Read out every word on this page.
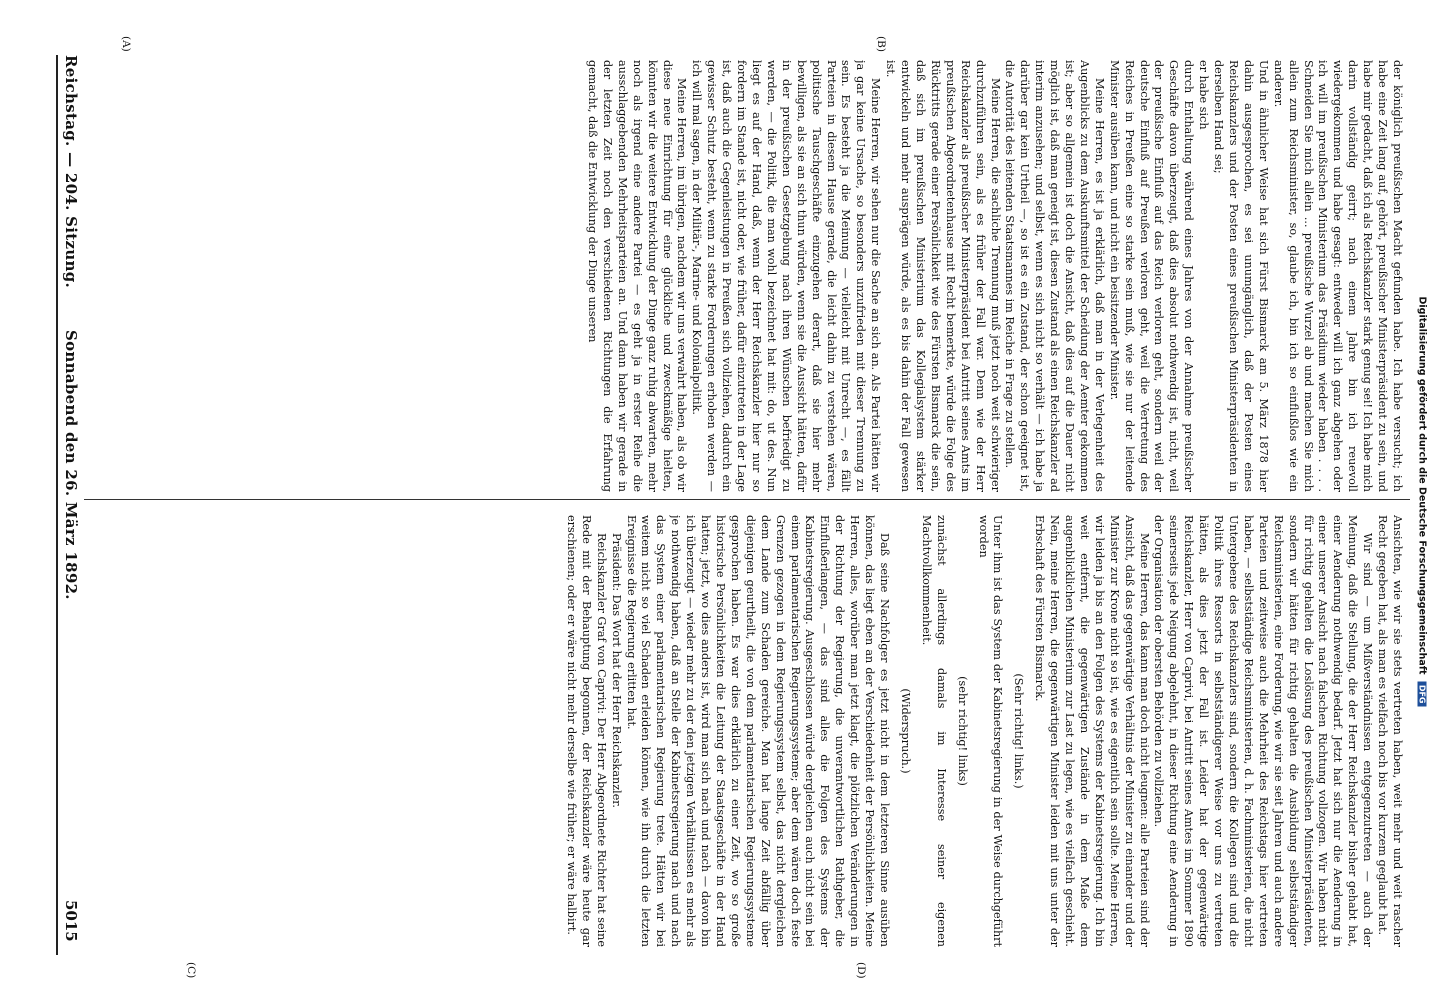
Reichstag. — 204. Sitzung.
Sonnabend den 26. März 1892.
5015
(A)	(B)
(C)	(D)

der königlich preußischen Macht gefunden habe. Ich habe versucht; ich habe eine Zeit lang auf, gehört, preußischer Ministerpräsident zu sein, und habe mir gedacht, daß ich als Reichskanzler stark genug sei! Ich habe mich darin vollständig geirrt; nach einem Jahre bin ich reuevoll wiedergekommen und habe gesagt: entweder will ich ganz abgehen oder ich will im preußischen Ministerium das Präsidium wieder haben . . . . Schneiden Sie mich allein ... preußische Wurzel ab und machen Sie mich allein zum Reichsminister, so, glaube ich, bin ich so einflußlos wie ein anderer.

Und in ähnlicher Weise hat sich Fürst Bismarck am 5. März 1878 hier dahin ausgesprochen, es sei unumgänglich, daß der Posten eines Reichskanzlers und der Posten eines preußischen Ministerpräsidenten in derselben Hand sei;

er habe sich

durch Enthaltung während eines Jahres von der Annahme preußischer Geschäfte davon überzeugt, daß dies absolut nothwendig ist, nicht, weil der preußische Einfluß auf das Reich verloren geht, sondern weil der deutsche Einfluß auf Preußen verloren geht, weil die Vertretung des Reiches in Preußen eine so starke sein muß, wie sie nur der leitende Minister ausüben kann, und nicht ein beisitzender Minister.

Meine Herren, es ist ja erklärlich, daß man in der Verlegenheit des Augenblicks zu dem Auskunftsmittel der Scheidung der Aemter gekommen ist; aber so allgemein ist doch die Ansicht, daß dies auf die Dauer nicht möglich ist, daß man geneigt ist, diesen Zustand als einen Reichskanzler ad interim anzusehen; und selbst, wenn es sich nicht so verhält — ich habe ja darüber gar kein Urtheil —, so ist es ein Zustand, der schon geeignet ist, die Autorität des leitenden Staatsmannes im Reiche in Frage zu stellen.

Meine Herren, die sachliche Trennung muß jetzt noch weit schwieriger durchzuführen sein, als es früher der Fall war. Denn wie der Herr Reichskanzler als preußischer Ministerpräsident bei Antritt seines Amts im preußischen Abgeordnetenhause mit Recht bemerkte, würde die Folge des Rücktritts gerade einer Persönlichkeit wie des Fürsten Bismarck die sein, daß sich im preußischen Ministerium das Kollegialsystem stärker entwickeln und mehr ausprägen würde, als es bis dahin der Fall gewesen ist.

Meine Herren, wir sehen nur die Sache an sich an. Als Partei hätten wir ja gar keine Ursache, so besonders unzufrieden mit dieser Trennung zu sein. Es besteht ja die Meinung — vielleicht mit Unrecht —, es fällt Parteien in diesem Hause gerade, die leicht dahin zu verstehen wären, politische Tauschgeschäfte einzugehen derart, daß sie hier mehr bewilligen, als sie an sich thun würden, wenn sie die Aussicht hätten, dafür in der preußischen Gesetzgebung nach ihren Wünschen befriedigt zu werden, — die Politik, die man wohl bezeichnet hat mit: do, ut des. Nun liegt es auf der Hand, daß, wenn der Herr Reichskanzler hier nur so fordern im Stande ist, nicht oder, wie früher, dafür einzutreten in der Lage ist, daß auch die Gegenleistungen in Preußen sich vollziehen, dadurch ein gewisser Schutz besteht, wenn zu starke Forderungen erhoben werden — ich will mal sagen, in der Militär-, Marine- und Kolonialpolitik.

Meine Herren, im übrigen, nachdem wir uns verwahrt haben, als ob wir diese neue Einrichtung für eine glückliche und zweckmäßige hielten, könnten wir die weitere Entwicklung der Dinge ganz ruhig abwarten, mehr noch als irgend eine andere Partei — es geht ja in erster Reihe die ausschlaggebenden Mehrheitsparteien an. Und dann haben wir gerade in der letzten Zeit noch den verschiedenen Richtungen die Erfahrung gemacht, daß die Entwicklung der Dinge unseren

Ansichten, wie wir sie stets vertreten haben, weit mehr und weit rascher Recht gegeben hat, als man es vielfach noch bis vor kurzem geglaubt hat.

Wir sind — um Mißverständnissen entgegenzutreten — auch der Meinung, daß die Stellung, die der Herr Reichskanzler bisher gehabt hat, einer Aenderung nothwendig bedarf. Jetzt hat sich nur die Aenderung in einer unserer Ansicht nach falschen Richtung vollzogen. Wir haben nicht für richtig gehalten die Loslösung des preußischen Ministerpräsidenten, sondern wir hätten für richtig gehalten die Ausbildung selbstständiger Reichsministerien, eine Forderung, wie wir sie seit Jahren und auch andere Parteien und zeitweise auch die Mehrheit des Reichstags hier vertreten haben, — selbstständige Reichsministerien, d. h. Fachministerien, die nicht Untergebene des Reichskanzlers sind, sondern die Kollegen sind und die Politik ihres Ressorts in selbstständigerer Weise vor uns zu vertreten hätten, als dies jetzt der Fall ist. Leider hat der gegenwärtige Reichskanzler, Herr von Caprivi, bei Antritt seines Amtes im Sommer 1890 seinerseits jede Neigung abgelehnt, in dieser Richtung eine Aenderung in der Organisation der obersten Behörden zu vollziehen.

Meine Herren, das kann man doch nicht leugnen: alle Parteien sind der Ansicht, daß das gegenwärtige Verhältnis der Minister zu einander und der Minister zur Krone nicht so ist, wie es eigentlich sein sollte. Meine Herren, wir leiden ja bis an den Folgen des Systems der Kabinetsregierung. Ich bin weit entfernt, die gegenwärtigen Zustände in dem Maße dem augenblicklichen Ministerium zur Last zu legen, wie es vielfach geschieht. Nein, meine Herren, die gegenwärtigen Minister leiden mit uns unter der Erbschaft des Fürsten Bismarck.

(Sehr richtig! links.)

Unter ihm ist das System der Kabinetsregierung in der Weise durchgeführt worden

(sehr richtig! links)

zunächst allerdings damals im Interesse seiner eigenen Machtvollkommenheit.

(Widerspruch.)

Daß seine Nachfolger es jetzt nicht in dem letzteren Sinne ausüben können, das liegt eben an der Verschiedenheit der Persönlichkeiten. Meine Herren, alles, worüber man jetzt klagt, die plötzlichen Veränderungen in der Richtung der Regierung, die unverantwortlichen Rathgeber, die Einflußerlangen, — das sind alles die Folgen des Systems der Kabinetsregierung. Ausgeschlossen würde dergleichen auch nicht sein bei einem parlamentarischen Regierungssysteme; aber dem wären doch feste Grenzen gezogen in dem Regierungssystem selbst, das nicht dergleichen dem Lande zum Schaden gereiche. Man hat lange Zeit abfällig über diejenigen geurtheilt, die von dem parlamentarischen Regierungssysteme gesprochen haben. Es war dies erklärlich zu einer Zeit, wo so große historische Persönlichkeiten die Leitung der Staatsgeschäfte in der Hand hatten; jetzt, wo dies anders ist, wird man sich nach und nach — davon bin ich überzeugt — wieder mehr zu der den jetzigen Verhältnissen es mehr als je nothwendig haben, daß an Stelle der Kabinetsregierung nach und nach das System einer parlamentarischen Regierung trete. Hätten wir bei weitem nicht so viel Schaden erleiden können, wie ihn durch die letzten Ereignisse die Regierung erlitten hat.

Präsident: Das Wort hat der Herr Reichskanzler.

Reichskanzler Graf von Caprivi: Der Herr Abgeordnete Richter hat seine Rede mit der Behauptung begonnen, der Reichskanzler wäre heute gar erschienen; oder er wäre nicht mehr derselbe wie früher; er wäre halbirt.

Digitalisierung gefördert durch die Deutsche Forschungsgemeinschaft DFG
